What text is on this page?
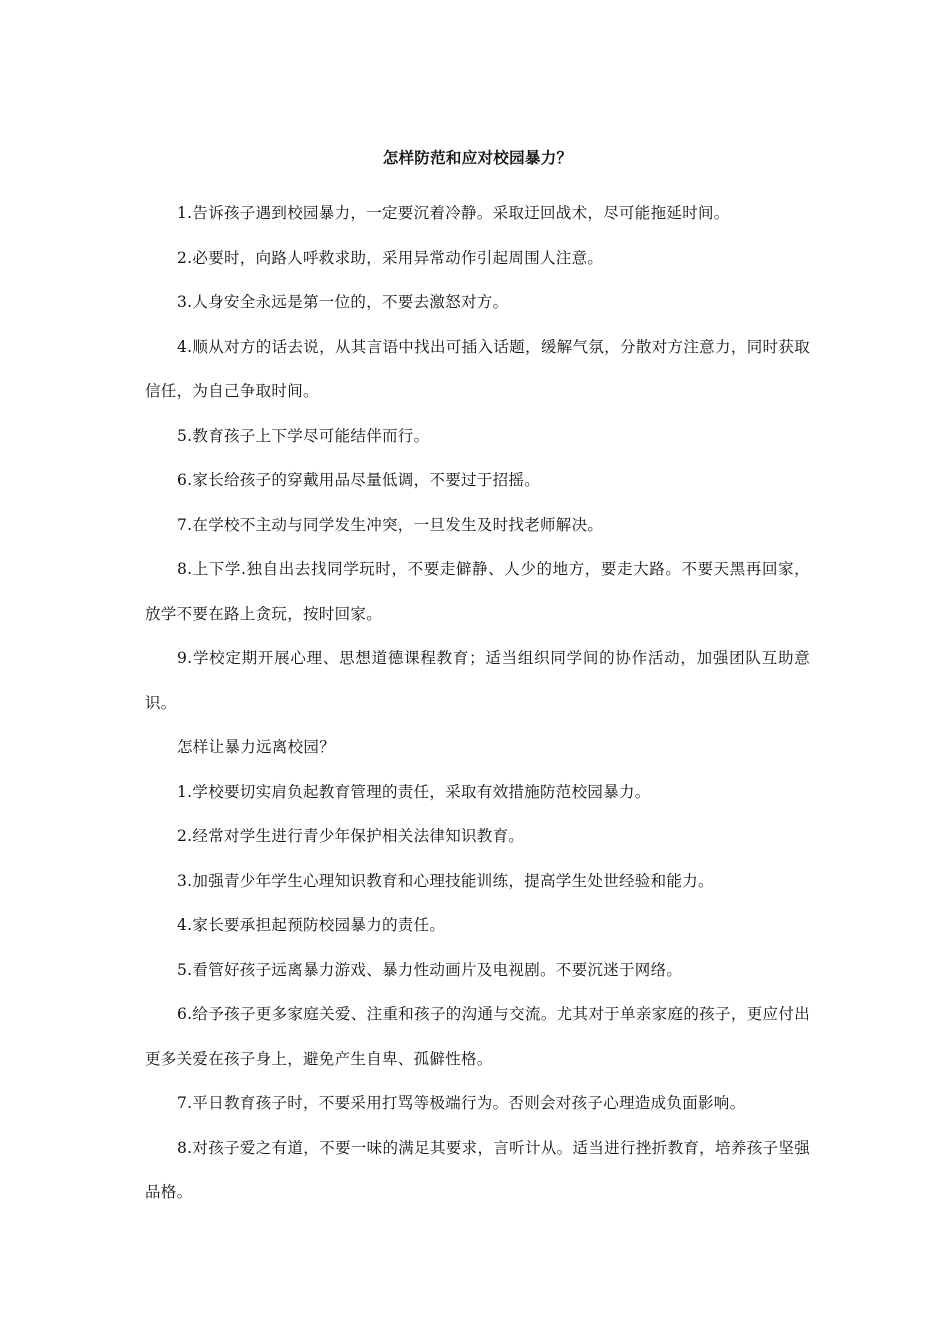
怎样防范和应对校园暴力？

1.告诉孩子遇到校园暴力，一定要沉着冷静。采取迂回战术，尽可能拖延时间。

2.必要时，向路人呼救求助，采用异常动作引起周围人注意。

3.人身安全永远是第一位的，不要去激怒对方。

4.顺从对方的话去说，从其言语中找出可插入话题，缓解气氛，分散对方注意力，同时获取信任，为自己争取时间。

5.教育孩子上下学尽可能结伴而行。

6.家长给孩子的穿戴用品尽量低调，不要过于招摇。

7.在学校不主动与同学发生冲突，一旦发生及时找老师解决。

8.上下学.独自出去找同学玩时，不要走僻静、人少的地方，要走大路。不要天黑再回家，放学不要在路上贪玩，按时回家。

9.学校定期开展心理、思想道德课程教育；适当组织同学间的协作活动，加强团队互助意识。

怎样让暴力远离校园？

1.学校要切实肩负起教育管理的责任，采取有效措施防范校园暴力。

2.经常对学生进行青少年保护相关法律知识教育。

3.加强青少年学生心理知识教育和心理技能训练，提高学生处世经验和能力。

4.家长要承担起预防校园暴力的责任。

5.看管好孩子远离暴力游戏、暴力性动画片及电视剧。不要沉迷于网络。

6.给予孩子更多家庭关爱、注重和孩子的沟通与交流。尤其对于单亲家庭的孩子，更应付出更多关爱在孩子身上，避免产生自卑、孤僻性格。

7.平日教育孩子时，不要采用打骂等极端行为。否则会对孩子心理造成负面影响。

8.对孩子爱之有道，不要一味的满足其要求，言听计从。适当进行挫折教育，培养孩子坚强品格。
